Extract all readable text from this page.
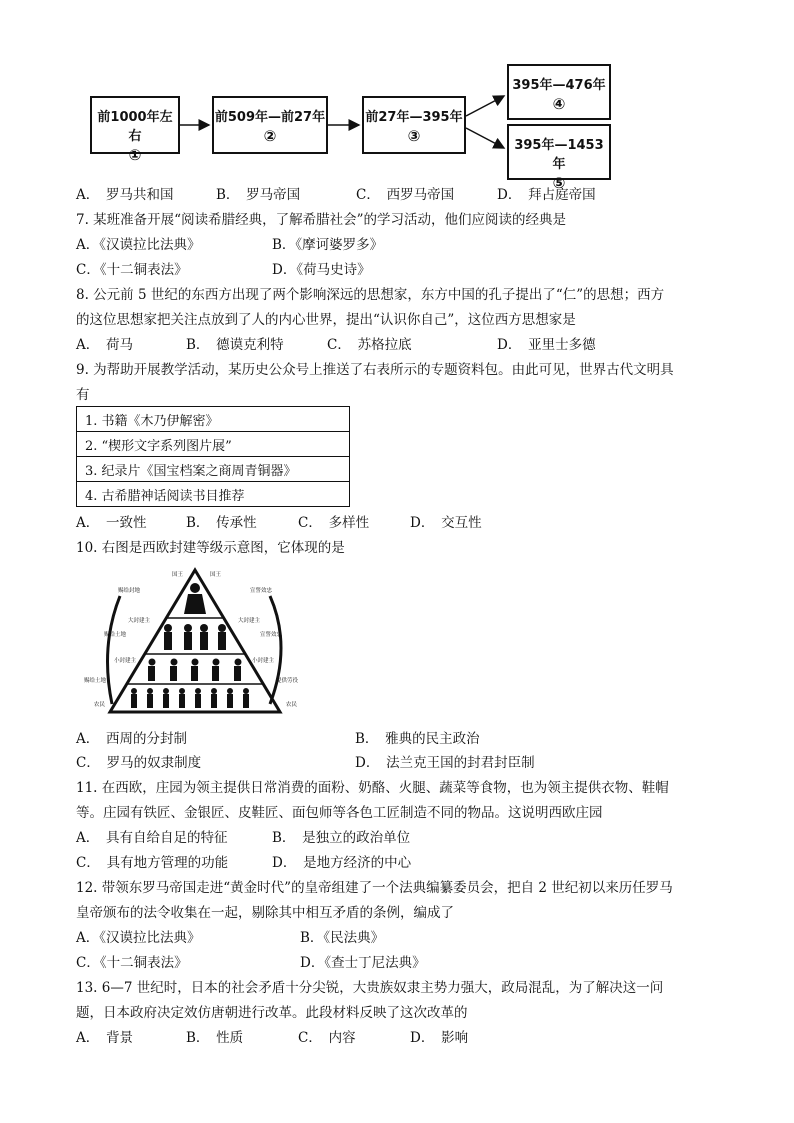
前1000年左右
①
前509年—前27年
②
前27年—395年
③
395年—476年
④
395年—1453年
⑤
A．　罗马共和国	B．　罗马帝国	C．　西罗马帝国	D．　拜占庭帝国
7. 某班准备开展“阅读希腊经典，了解希腊社会”的学习活动，他们应阅读的经典是
A．《汉谟拉比法典》	B．《摩诃婆罗多》
C．《十二铜表法》	D．《荷马史诗》
8. 公元前 5 世纪的东西方出现了两个影响深远的思想家，东方中国的孔子提出了“仁”的思想；西方
的这位思想家把关注点放到了人的内心世界，提出“认识你自己”，这位西方思想家是
A．　荷马	B．　德谟克利特	C．　苏格拉底	D．　亚里士多德
9. 为帮助开展教学活动，某历史公众号上推送了右表所示的专题资料包。由此可见，世界古代文明具
有
1. 书籍《木乃伊解密》
2. “楔形文字系列图片展”
3. 纪录片《国宝档案之商周青铜器》
4. 古希腊神话阅读书目推荐
A．　一致性	B．　传承性	C．　多样性	D．　交互性
10. 右图是西欧封建等级示意图，它体现的是
国王	国王
赐给封地	宣誓效忠
大封建主	大封建主
赐给土地	宣誓效忠
小封建主	小封建主
赐给土地	提供劳役
农民	农民
A．　西周的分封制	B．　雅典的民主政治
C．　罗马的奴隶制度	D．　法兰克王国的封君封臣制
11. 在西欧，庄园为领主提供日常消费的面粉、奶酪、火腿、蔬菜等食物，也为领主提供衣物、鞋帽
等。庄园有铁匠、金银匠、皮鞋匠、面包师等各色工匠制造不同的物品。这说明西欧庄园
A．　具有自给自足的特征	B．　是独立的政治单位
C．　具有地方管理的功能	D．　是地方经济的中心
12. 带领东罗马帝国走进“黄金时代”的皇帝组建了一个法典编纂委员会，把自 2 世纪初以来历任罗马
皇帝颁布的法令收集在一起，剔除其中相互矛盾的条例，编成了
A．《汉谟拉比法典》	B．《民法典》
C．《十二铜表法》	D．《查士丁尼法典》
13. 6—7 世纪时，日本的社会矛盾十分尖锐，大贵族奴隶主势力强大，政局混乱，为了解决这一问
题，日本政府决定效仿唐朝进行改革。此段材料反映了这次改革的
A．　背景	B．　性质	C．　内容	D．　影响
